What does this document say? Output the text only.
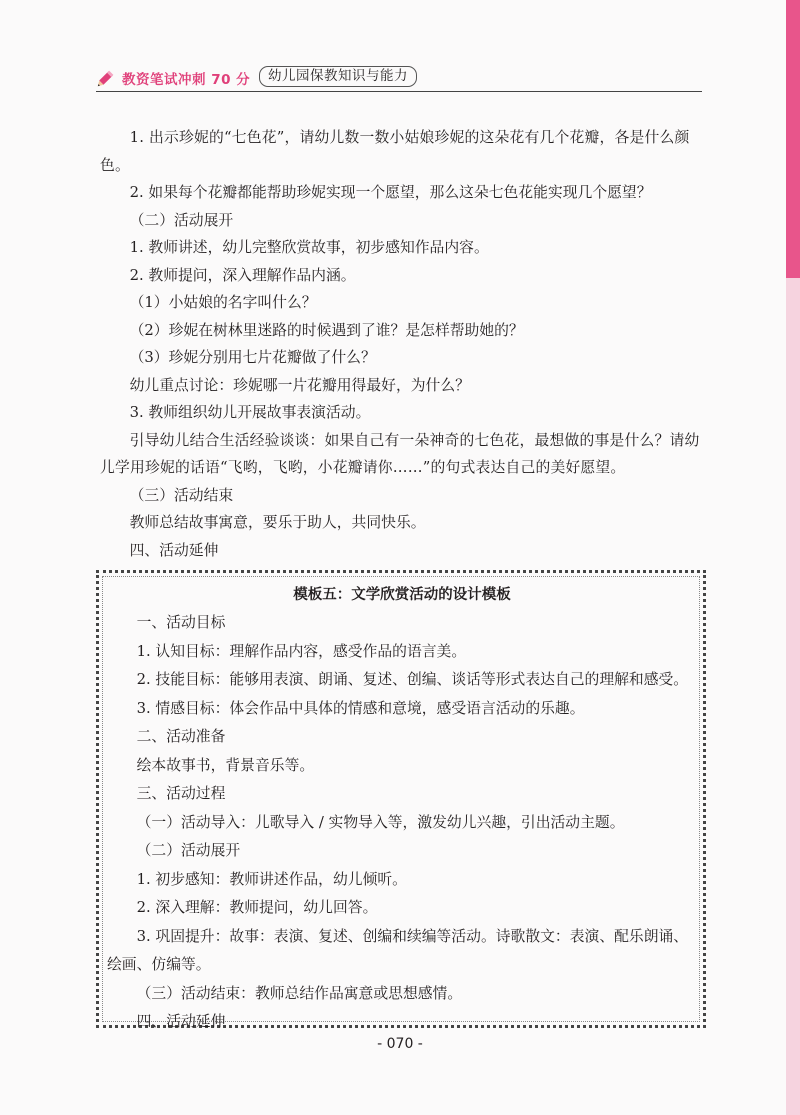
教资笔试冲刺 70 分	幼儿园保教知识与能力

1. 出示珍妮的“七色花”，请幼儿数一数小姑娘珍妮的这朵花有几个花瓣，各是什么颜色。

2. 如果每个花瓣都能帮助珍妮实现一个愿望，那么这朵七色花能实现几个愿望？

（二）活动展开

1. 教师讲述，幼儿完整欣赏故事，初步感知作品内容。

2. 教师提问，深入理解作品内涵。

（1）小姑娘的名字叫什么？

（2）珍妮在树林里迷路的时候遇到了谁？是怎样帮助她的？

（3）珍妮分别用七片花瓣做了什么？

幼儿重点讨论：珍妮哪一片花瓣用得最好，为什么？

3. 教师组织幼儿开展故事表演活动。

引导幼儿结合生活经验谈谈：如果自己有一朵神奇的七色花，最想做的事是什么？请幼儿学用珍妮的话语“飞哟，飞哟，小花瓣请你……”的句式表达自己的美好愿望。

（三）活动结束

教师总结故事寓意，要乐于助人，共同快乐。

四、活动延伸

模板五：文学欣赏活动的设计模板

一、活动目标

1. 认知目标：理解作品内容，感受作品的语言美。

2. 技能目标：能够用表演、朗诵、复述、创编、谈话等形式表达自己的理解和感受。

3. 情感目标：体会作品中具体的情感和意境，感受语言活动的乐趣。

二、活动准备

绘本故事书，背景音乐等。

三、活动过程

（一）活动导入：儿歌导入 / 实物导入等，激发幼儿兴趣，引出活动主题。

（二）活动展开

1. 初步感知：教师讲述作品，幼儿倾听。

2. 深入理解：教师提问，幼儿回答。

3. 巩固提升：故事：表演、复述、创编和续编等活动。诗歌散文：表演、配乐朗诵、绘画、仿编等。

（三）活动结束：教师总结作品寓意或思想感情。

四、活动延伸

- 070 -
